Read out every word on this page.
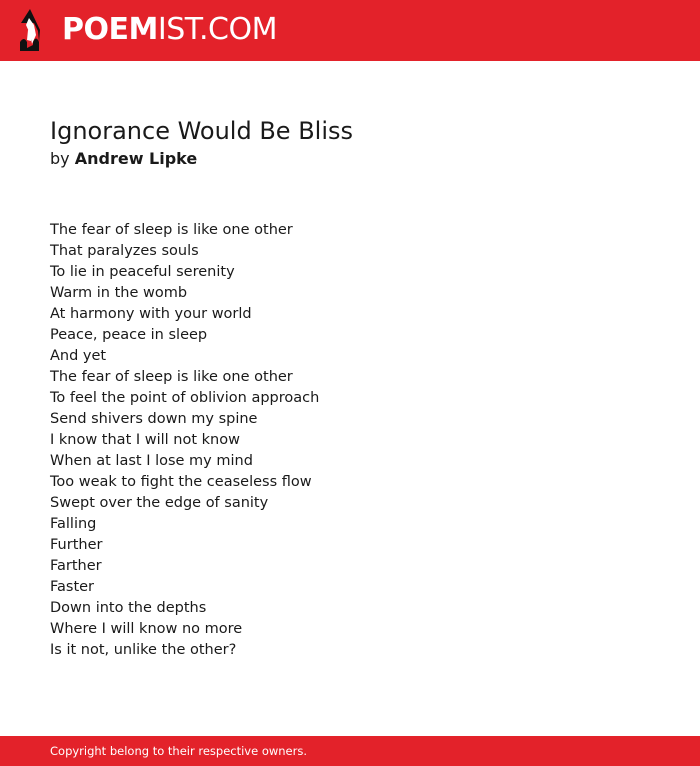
POEMIST.COM
Ignorance Would Be Bliss
by Andrew Lipke
The fear of sleep is like one other
That paralyzes souls
To lie in peaceful serenity
Warm in the womb
At harmony with your world
Peace, peace in sleep
And yet
The fear of sleep is like one other
To feel the point of oblivion approach
Send shivers down my spine
I know that I will not know
When at last I lose my mind
Too weak to fight the ceaseless flow
Swept over the edge of sanity
Falling
Further
Farther
Faster
Down into the depths
Where I will know no more
Is it not, unlike the other?
Copyright belong to their respective owners.
